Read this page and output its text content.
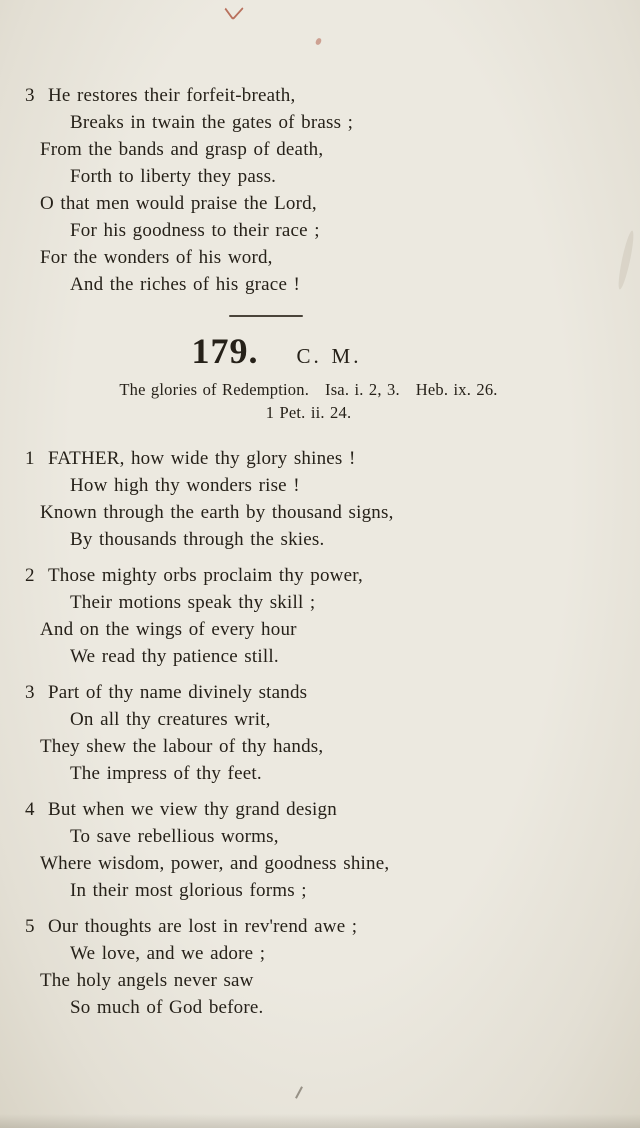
3 He restores their forfeit-breath,
Breaks in twain the gates of brass ;
From the bands and grasp of death,
Forth to liberty they pass.
O that men would praise the Lord,
For his goodness to their race ;
For the wonders of his word,
And the riches of his grace !
179. C. M.
The glories of Redemption.   Isa. i. 2, 3.   Heb. ix. 26.
1 Pet. ii. 24.
1 FATHER, how wide thy glory shines !
How high thy wonders rise !
Known through the earth by thousand signs,
By thousands through the skies.
2 Those mighty orbs proclaim thy power,
Their motions speak thy skill ;
And on the wings of every hour
We read thy patience still.
3 Part of thy name divinely stands
On all thy creatures writ,
They shew the labour of thy hands,
The impress of thy feet.
4 But when we view thy grand design
To save rebellious worms,
Where wisdom, power, and goodness shine,
In their most glorious forms ;
5 Our thoughts are lost in rev'rend awe ;
We love, and we adore ;
The holy angels never saw
So much of God before.
